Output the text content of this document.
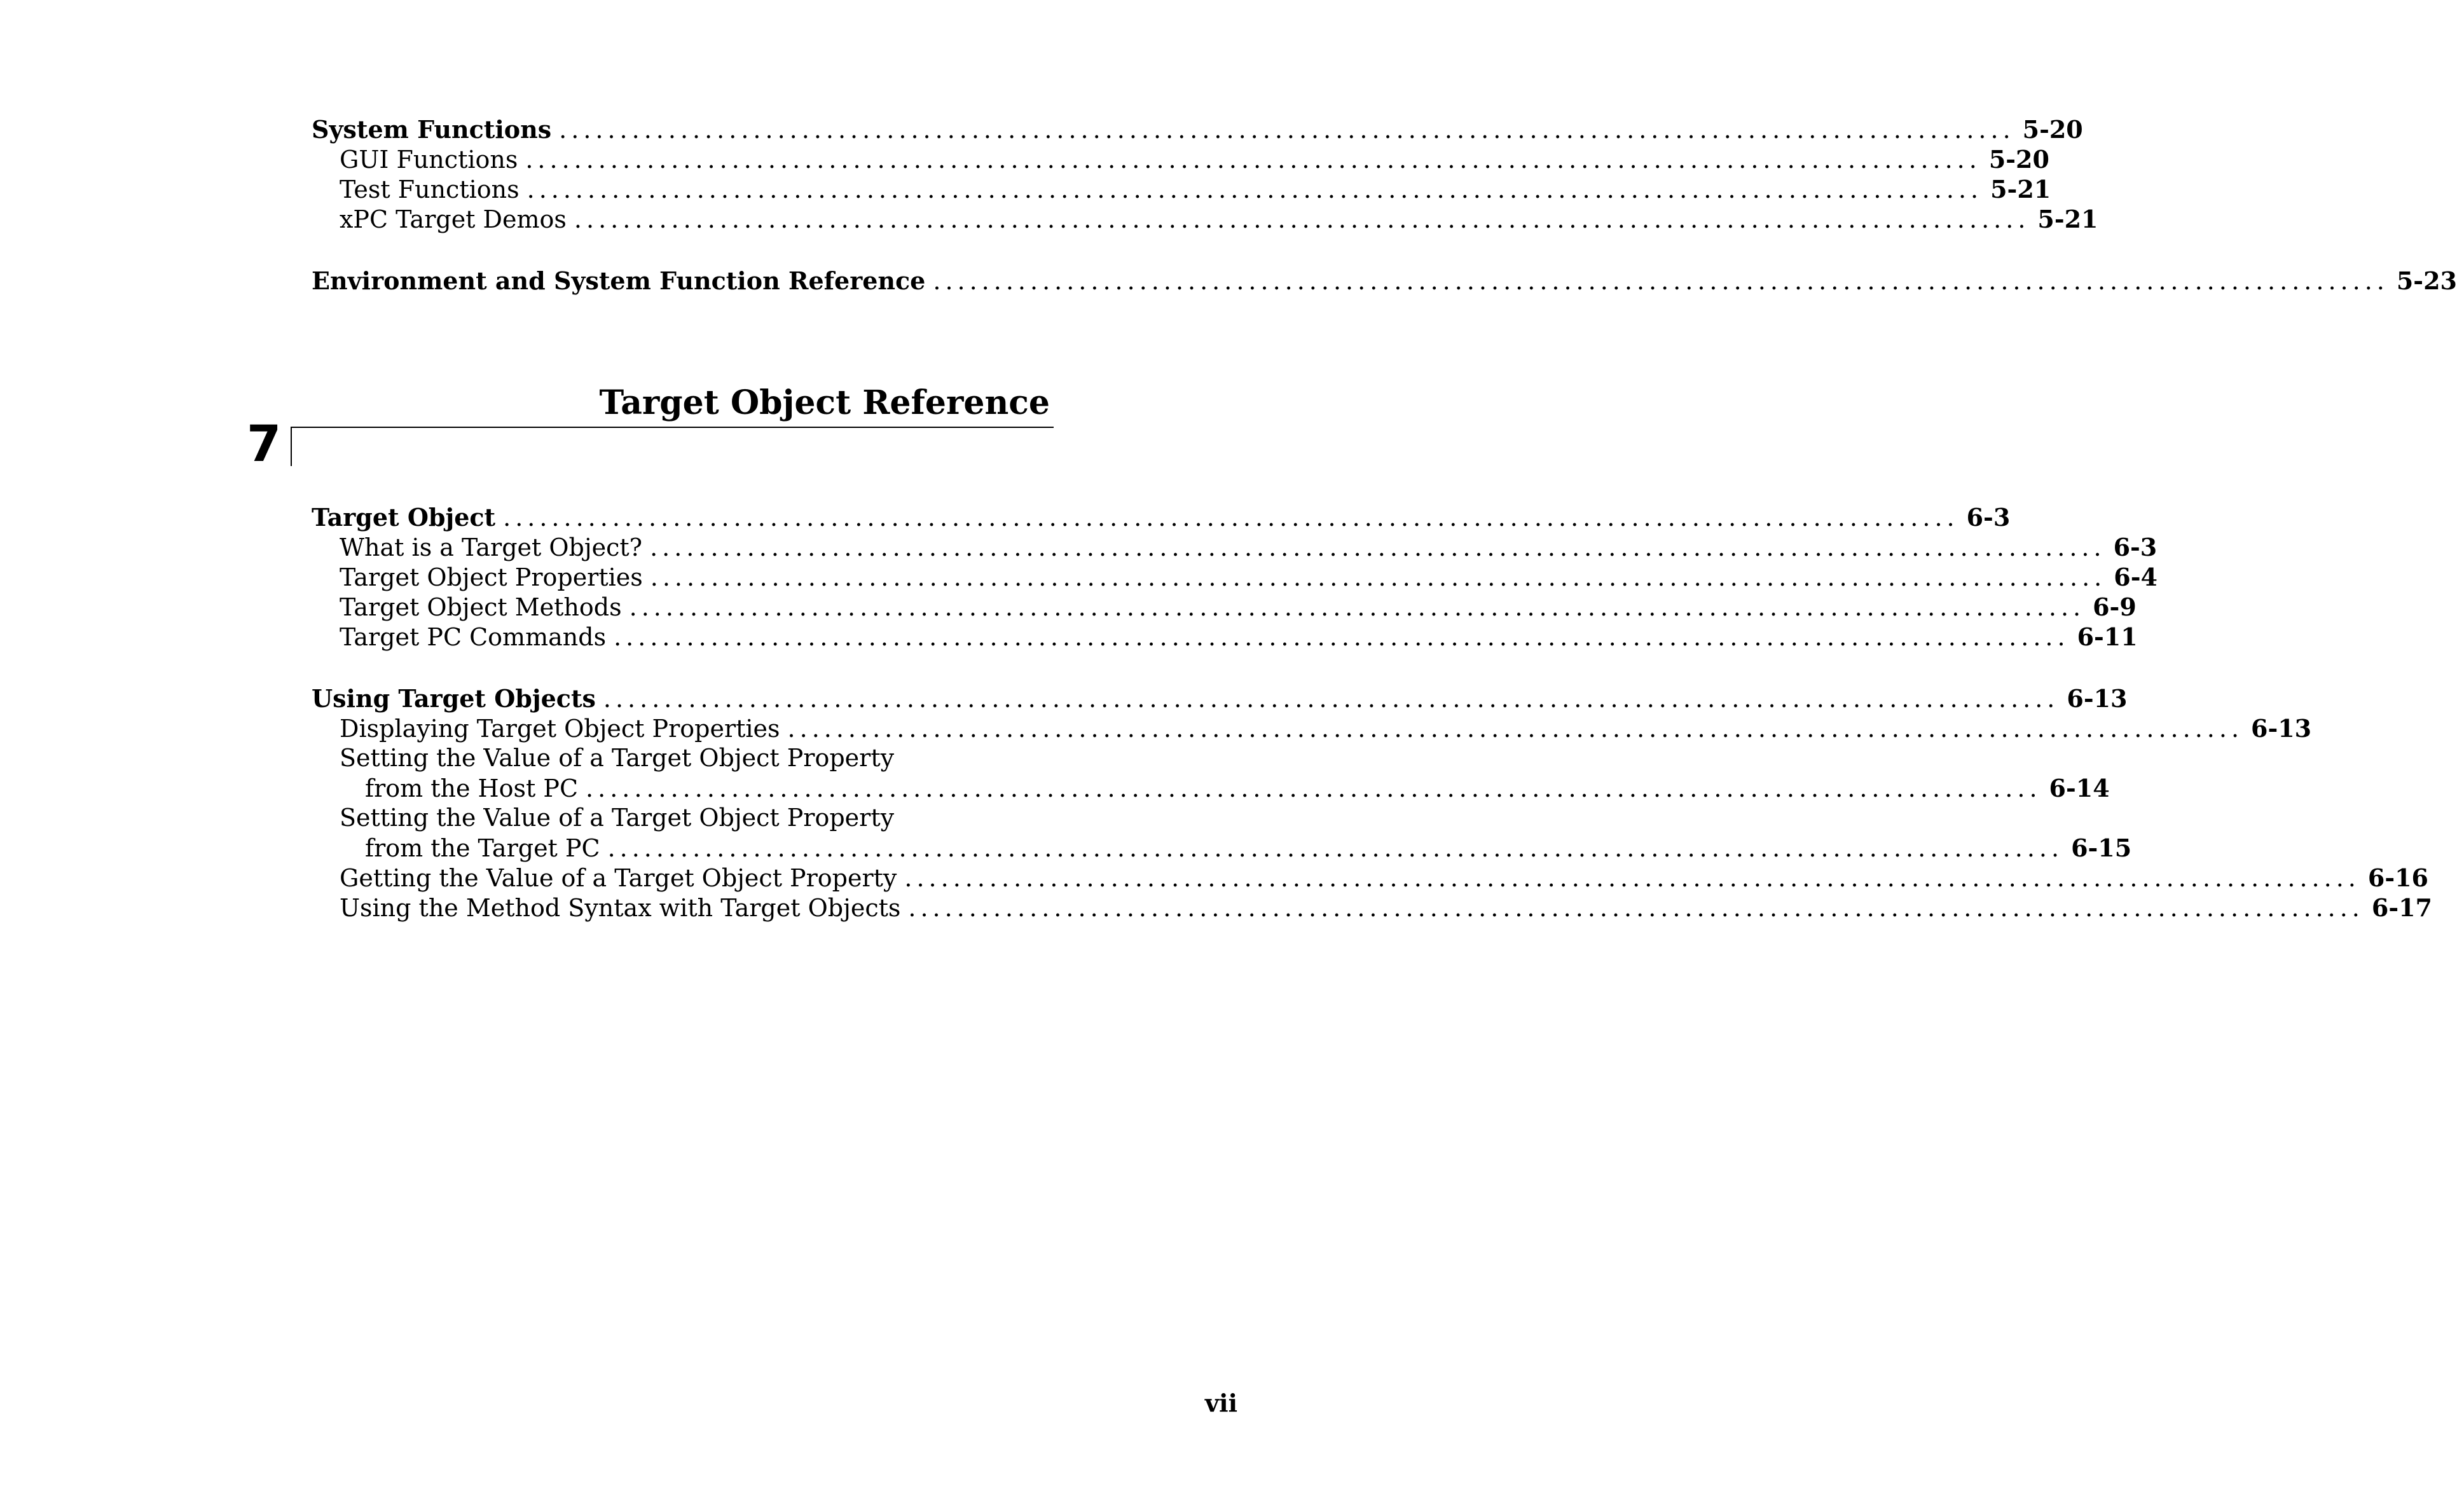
System Functions ........................................................................................................................ 5-20
GUI Functions ........................................................................................................................ 5-20
Test Functions ........................................................................................................................ 5-21
xPC Target Demos ........................................................................................................................ 5-21
Environment and System Function Reference ........................................................................................................................ 5-23
Target Object Reference
7
Target Object ........................................................................................................................ 6-3
What is a Target Object? ........................................................................................................................ 6-3
Target Object Properties ........................................................................................................................ 6-4
Target Object Methods ........................................................................................................................ 6-9
Target PC Commands ........................................................................................................................ 6-11
Using Target Objects ........................................................................................................................ 6-13
Displaying Target Object Properties ........................................................................................................................ 6-13
Setting the Value of a Target Object Property
from the Host PC ........................................................................................................................ 6-14
Setting the Value of a Target Object Property
from the Target PC ........................................................................................................................ 6-15
Getting the Value of a Target Object Property ........................................................................................................................ 6-16
Using the Method Syntax with Target Objects ........................................................................................................................ 6-17
vii
